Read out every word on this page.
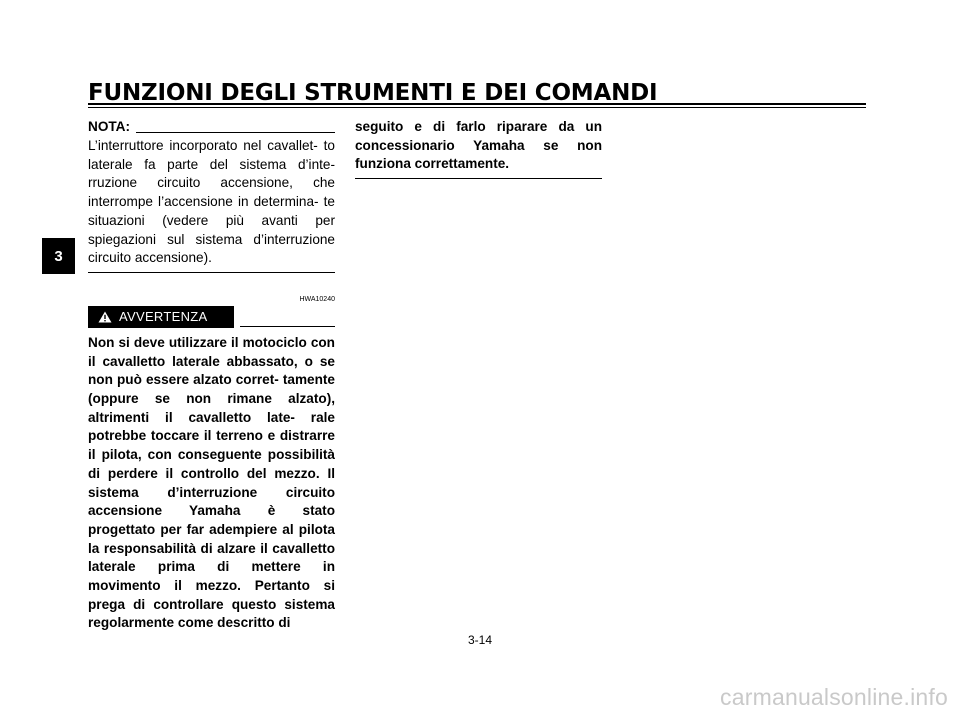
FUNZIONI DEGLI STRUMENTI E DEI COMANDI
3
NOTA:

L’interruttore incorporato nel cavallet- to laterale fa parte del sistema d’inte- rruzione circuito accensione, che interrompe l’accensione in determina- te situazioni (vedere più avanti per spiegazioni sul sistema d’interruzione circuito accensione).

HWA10240
AVVERTENZA

Non si deve utilizzare il motociclo con il cavalletto laterale abbassato, o se non può essere alzato corret- tamente (oppure se non rimane alzato), altrimenti il cavalletto late- rale potrebbe toccare il terreno e distrarre il pilota, con conseguente possibilità di perdere il controllo del mezzo. Il sistema d’interruzione circuito accensione Yamaha è stato progettato per far adempiere al pilota la responsabilità di alzare il cavalletto laterale prima di mettere in movimento il mezzo. Pertanto si prega di controllare questo sistema regolarmente come descritto di

seguito e di farlo riparare da un concessionario Yamaha se non funziona correttamente.

3-14
carmanualsonline.info
